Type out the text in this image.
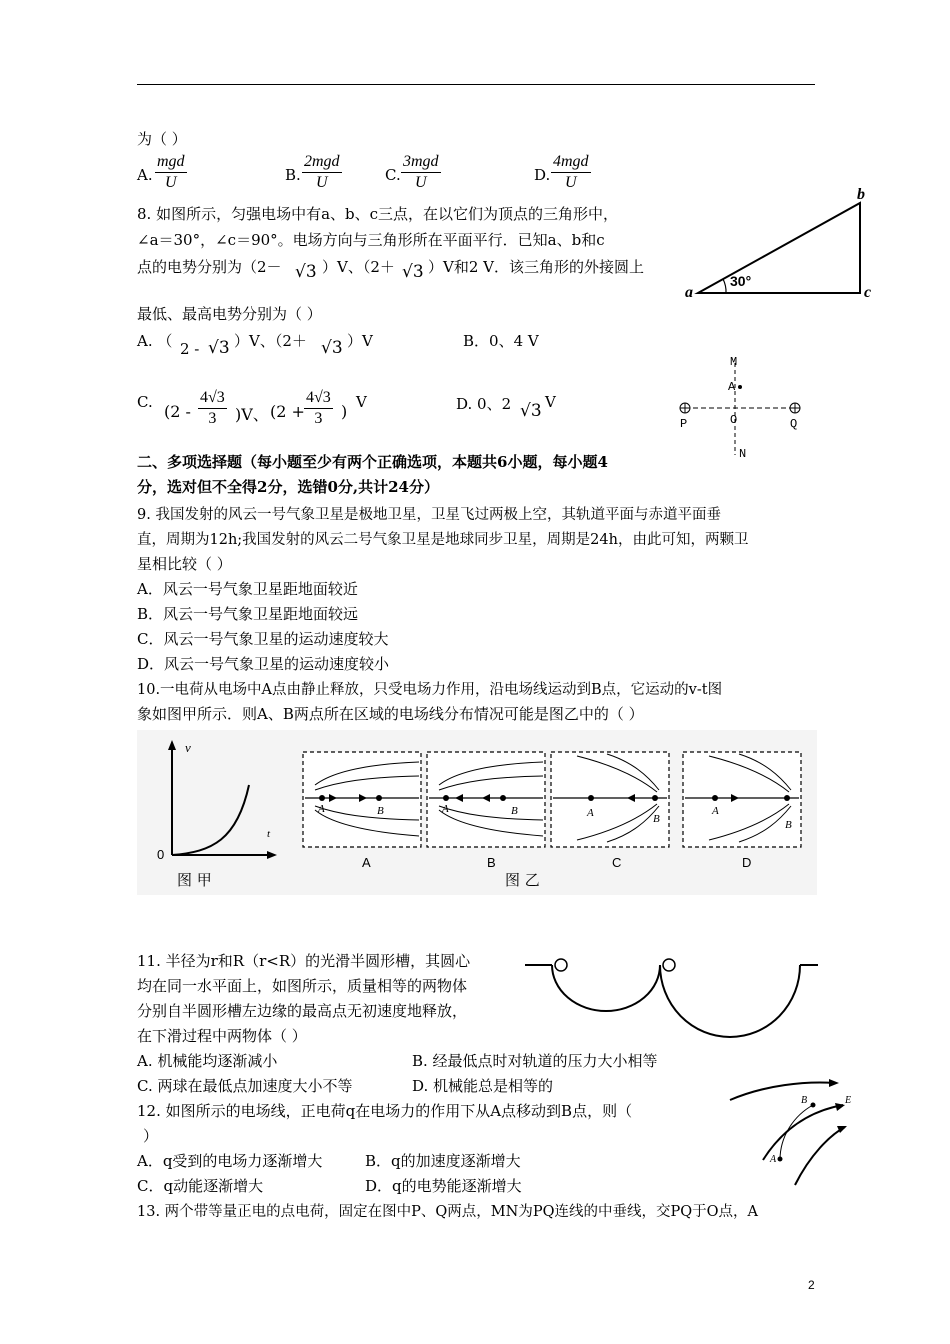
为（ ）
A.
mgd
U	B.
2mgd
U	C.
3mgd
U	D.
4mgd
U
8. 如图所示，匀强电场中有a、b、c三点，在以它们为顶点的三角形中，
∠a＝30°，∠c＝90°。电场方向与三角形所在平面平行．已知a、b和c
点的电势分别为（2－ √3 ）V、（2＋ √3 ）V和2 V．该三角形的外接圆上
最低、最高电势分别为（ ）
A. （ 2 - √3 ）V、（2＋ √3 ）V	B．0、4 V
C. $(2 - \frac{4√3}{3} )V$、 ($2 + \frac{4√3}{3}$ ) V	D. 0、2 √3 V
a
b
c
30°
M
A
O
P	Q
N
二、多项选择题（每小题至少有两个正确选项，本题共6小题，每小题4
分，选对但不全得2分，选错0分,共计24分）
9. 我国发射的风云一号气象卫星是极地卫星，卫星飞过两极上空，其轨道平面与赤道平面垂
直，周期为12h;我国发射的风云二号气象卫星是地球同步卫星，周期是24h，由此可知，两颗卫
星相比较（ ）
A．风云一号气象卫星距地面较近
B．风云一号气象卫星距地面较远
C．风云一号气象卫星的运动速度较大
D．风云一号气象卫星的运动速度较小
10.一电荷从电场中A点由静止释放，只受电场力作用，沿电场线运动到B点，它运动的v-t图
象如图甲所示．则A、B两点所在区域的电场线分布情况可能是图乙中的（ ）
v
t
0
图 甲
A	B
A
A	B
B
A	B
C
A
B
D
图 乙
11. 半径为r和R（r<R）的光滑半圆形槽，其圆心
均在同一水平面上，如图所示，质量相等的两物体
分别自半圆形槽左边缘的最高点无初速度地释放，
在下滑过程中两物体（ ）
A. 机械能均逐渐减小	B. 经最低点时对轨道的压力大小相等
C. 两球在最低点加速度大小不等	D. 机械能总是相等的
12. 如图所示的电场线，正电荷q在电场力的作用下从A点移动到B点，则（
）
A．q受到的电场力逐渐增大	B．q的加速度逐渐增大
C．q动能逐渐增大	D．q的电势能逐渐增大
A
B	E
13. 两个带等量正电的点电荷，固定在图中P、Q两点，MN为PQ连线的中垂线，交PQ于O点，A
2
